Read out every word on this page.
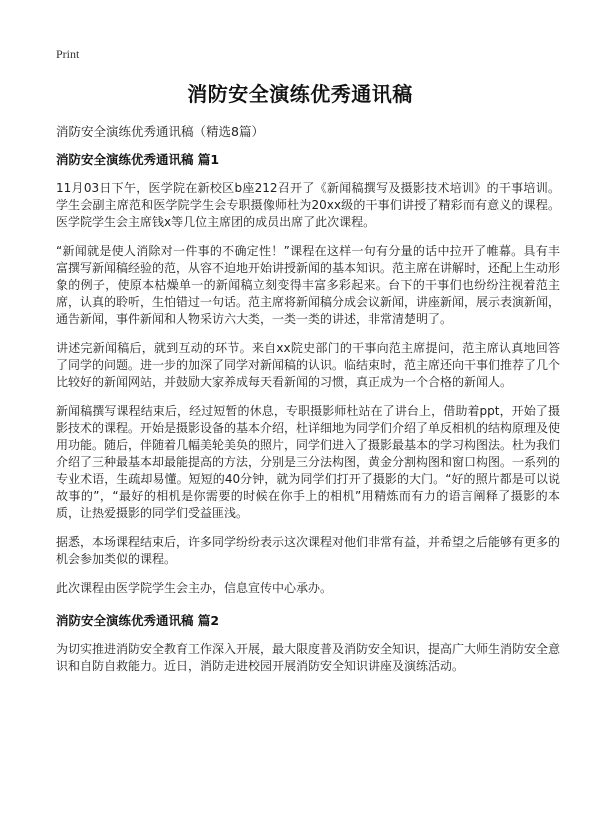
Print
消防安全演练优秀通讯稿
消防安全演练优秀通讯稿（精选8篇）
消防安全演练优秀通讯稿 篇1

11月03日下午，医学院在新校区b座212召开了《新闻稿撰写及摄影技术培训》的干事培训。学生会副主席范和医学院学生会专职摄像师杜为20xx级的干事们讲授了精彩而有意义的课程。医学院学生会主席钱x等几位主席团的成员出席了此次课程。

“新闻就是使人消除对一件事的不确定性！”课程在这样一句有分量的话中拉开了帷幕。具有丰富撰写新闻稿经验的范，从容不迫地开始讲授新闻的基本知识。范主席在讲解时，还配上生动形象的例子，使原本枯燥单一的新闻稿立刻变得丰富多彩起来。台下的干事们也纷纷注视着范主席，认真的聆听，生怕错过一句话。范主席将新闻稿分成会议新闻，讲座新闻，展示表演新闻，通告新闻，事件新闻和人物采访六大类，一类一类的讲述，非常清楚明了。

讲述完新闻稿后，就到互动的环节。来自xx院史部门的干事向范主席提问，范主席认真地回答了同学的问题。进一步的加深了同学对新闻稿的认识。临结束时，范主席还向干事们推荐了几个比较好的新闻网站，并鼓励大家养成每天看新闻的习惯，真正成为一个合格的新闻人。

新闻稿撰写课程结束后，经过短暂的休息，专职摄影师杜站在了讲台上，借助着ppt，开始了摄影技术的课程。开始是摄影设备的基本介绍，杜详细地为同学们介绍了单反相机的结构原理及使用功能。随后，伴随着几幅美轮美奂的照片，同学们进入了摄影最基本的学习构图法。杜为我们介绍了三种最基本却最能提高的方法，分别是三分法构图，黄金分割构图和窗口构图。一系列的专业术语，生疏却易懂。短短的40分钟，就为同学们打开了摄影的大门。“好的照片都是可以说故事的”，“最好的相机是你需要的时候在你手上的相机”用精炼而有力的语言阐释了摄影的本质，让热爱摄影的同学们受益匪浅。

据悉，本场课程结束后，许多同学纷纷表示这次课程对他们非常有益，并希望之后能够有更多的机会参加类似的课程。

此次课程由医学院学生会主办，信息宣传中心承办。

消防安全演练优秀通讯稿 篇2

为切实推进消防安全教育工作深入开展，最大限度普及消防安全知识，提高广大师生消防安全意识和自防自救能力。近日，消防走进校园开展消防安全知识讲座及演练活动。
